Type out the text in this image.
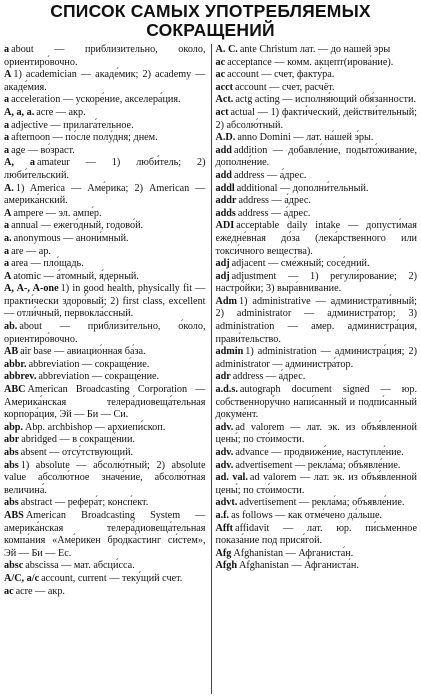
СПИСОК САМЫХ УПОТРЕБЛЯЕМЫХ
СОКРАЩЕНИЙ

a about — приблизи́тельно, о́коло, ориентиро́вочно.

A 1) academician — акаде́мик; 2) academy — акаде́мия.

a acceleration — ускоре́ние, акселера́ция.

A, a, a. acre — акр.

a adjective — прилага́тельное.

a afternoon — по́сле полу́дня; днем.

a age — во́зраст.

A, a amateur — 1) люби́тель; 2) люби́тельский.

A. 1) America — Аме́рика; 2) American — америка́нский.

A ampere — эл. ампе́р.

a annual — ежего́дный, годово́й.

a. anonymous — анони́мный.

a are — ар.

a area — пло́щадь.

A atomic — а́томный, я́дерный.

A, A-, A-one 1) in good health, physically fit — практи́чески здоро́вый; 2) first class, excellent — отли́чный, первокла́ссный.

ab. about — приблизи́тельно, о́коло, ориентиро́вочно.

AB air base — авиацио́нная ба́за.

abbr. abbreviation — сокраще́ние.

abbrev. abbreviation — сокраще́ние.

ABC American Broadcasting Corporation — Америка́нская телера́диовеща́тельная корпора́ция, Эй — Би — Си.

abp. Abp. archbishop — архиепи́скоп.

abr abridged — в сокраще́нии.

abs absent — отсу́тствующий.

abs 1) absolute — абсолю́тный; 2) absolute value абсолю́тное значе́ние, абсолю́тная величина́.

abs abstract — рефера́т; консп́ект.

ABS American Broadcasting System — америка́нская телера́диовеща́тельная компа́ния «Аме́рикен бродка́стинг си́стем», Эй — Би — Ес.

absc abscissa — мат. абсци́сса.

A/C, a/c account, current — теку́щий счет.

ac acre — акр.

A. C. ante Christum лат. — до на́шей э́ры

ac acceptance — комм. акцепт(ирова́ние).

ac account — счет, факту́ра.

acct account — счет, расчёт.

Act. actg acting — исполня́ющий обя́занности.

act actual — 1) факти́ческий, действи́тельный; 2) абсолю́тный.

A.D. anno Domini — лат. на́шей э́ры.

add addition — добавле́ние, подыто́живание, дополне́ние.

add address — а́дрес.

addl additional — дополни́тельный.

addr address — а́дрес.

adds address — а́дрес.

ADI acceptable daily intake — допусти́мая ежедне́вная до́за (лека́рственного или токси́чного вещества).

adj adjacent — сме́жный; сосе́дний.

adj adjustment — 1) регули́рование; 2) настро́йки; 3) выра́внивание.

Adm 1) administrative — администрати́вный; 2) administrator — администра́тор; 3) administration — амер. администра́ция, прави́тельство.

admin 1) administration — администра́ция; 2) administrator — администра́тор.

adr address — а́дрес.

a.d.s. autograph document signed — юр. собственнору́чно напи́санный и подпи́санный докуме́нт.

adv. ad valorem — лат. эк. из объя́вленной цены́; по сто́имости.

adv. advance — продвиже́ние, наступле́ние.

adv. advertisement — рекла́ма; объявле́ние.

ad. val. ad valorem — лат. эк. из объя́вленной цены́; по сто́имости.

advt. advertisement — рекла́ма; объявле́ние.

a.f. as follows — как отме́чено да́льше.

Afft affidavit — лат. юр. пи́сьменное показа́ние под прися́гой.

Afg Afghanistan — Афганиста́н.

Afgh Afghanistan — Афганиста́н.
